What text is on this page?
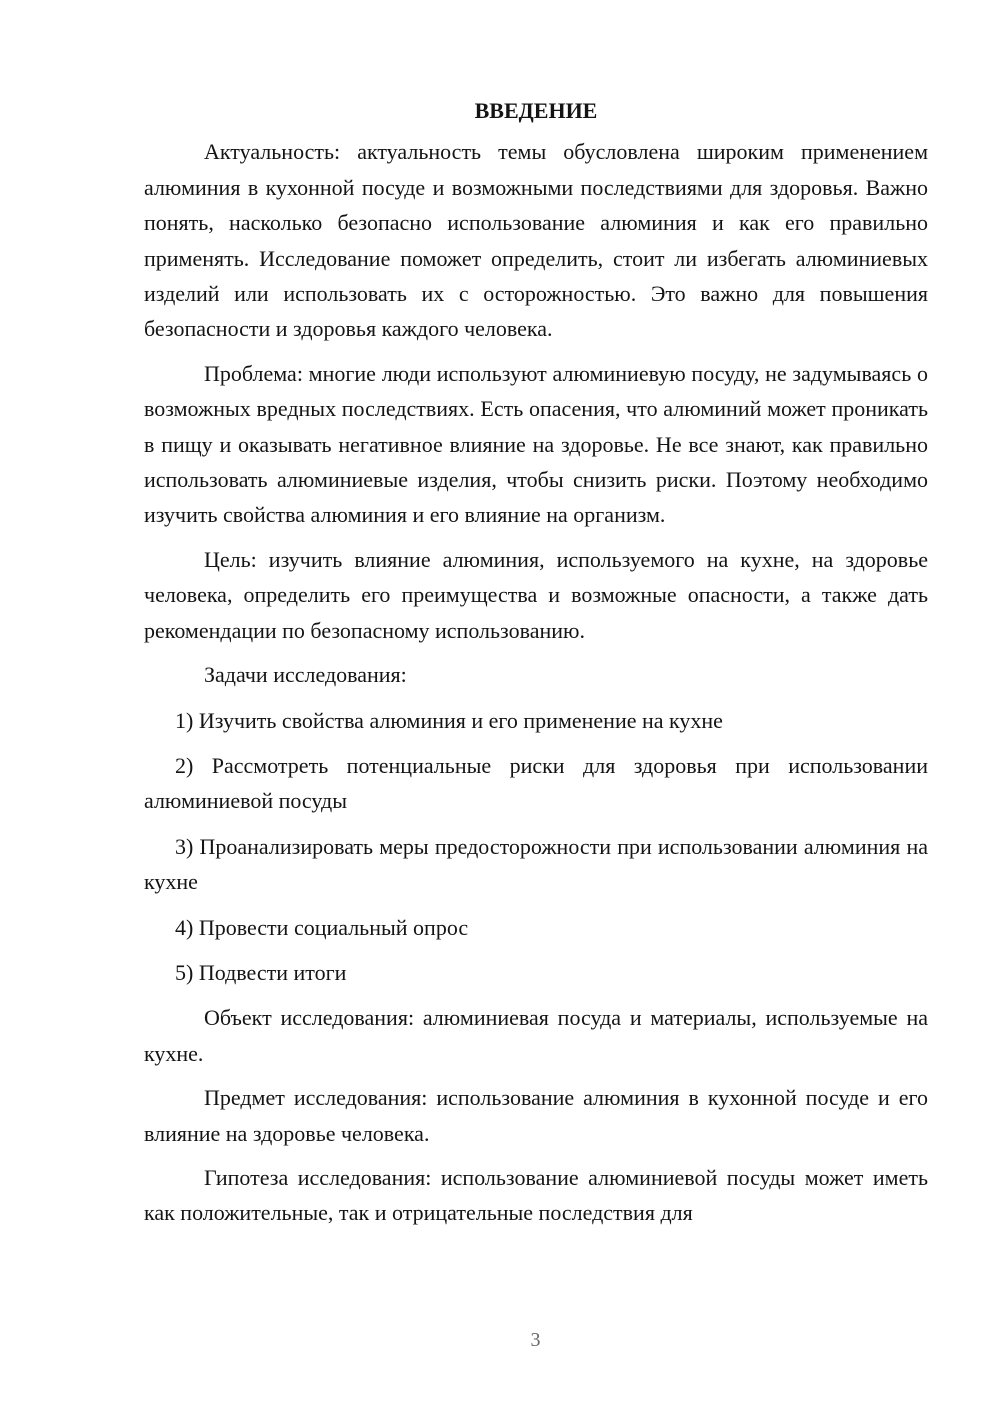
ВВЕДЕНИЕ

Актуальность: актуальность темы обусловлена широким применением алюминия в кухонной посуде и возможными последствиями для здоровья. Важно понять, насколько безопасно использование алюминия и как его правильно применять. Исследование поможет определить, стоит ли избегать алюминиевых изделий или использовать их с осторожностью. Это важно для повышения безопасности и здоровья каждого человека.

Проблема: многие люди используют алюминиевую посуду, не задумываясь о возможных вредных последствиях. Есть опасения, что алюминий может проникать в пищу и оказывать негативное влияние на здоровье. Не все знают, как правильно использовать алюминиевые изделия, чтобы снизить риски. Поэтому необходимо изучить свойства алюминия и его влияние на организм.

Цель: изучить влияние алюминия, используемого на кухне, на здоровье человека, определить его преимущества и возможные опасности, а также дать рекомендации по безопасному использованию.

Задачи исследования:

1) Изучить свойства алюминия и его применение на кухне

2) Рассмотреть потенциальные риски для здоровья при использовании алюминиевой посуды

3) Проанализировать меры предосторожности при использовании алюминия на кухне

4) Провести социальный опрос

5) Подвести итоги

Объект исследования: алюминиевая посуда и материалы, используемые на кухне.

Предмет исследования: использование алюминия в кухонной посуде и его влияние на здоровье человека.

Гипотеза исследования: использование алюминиевой посуды может иметь как положительные, так и отрицательные последствия для

3
